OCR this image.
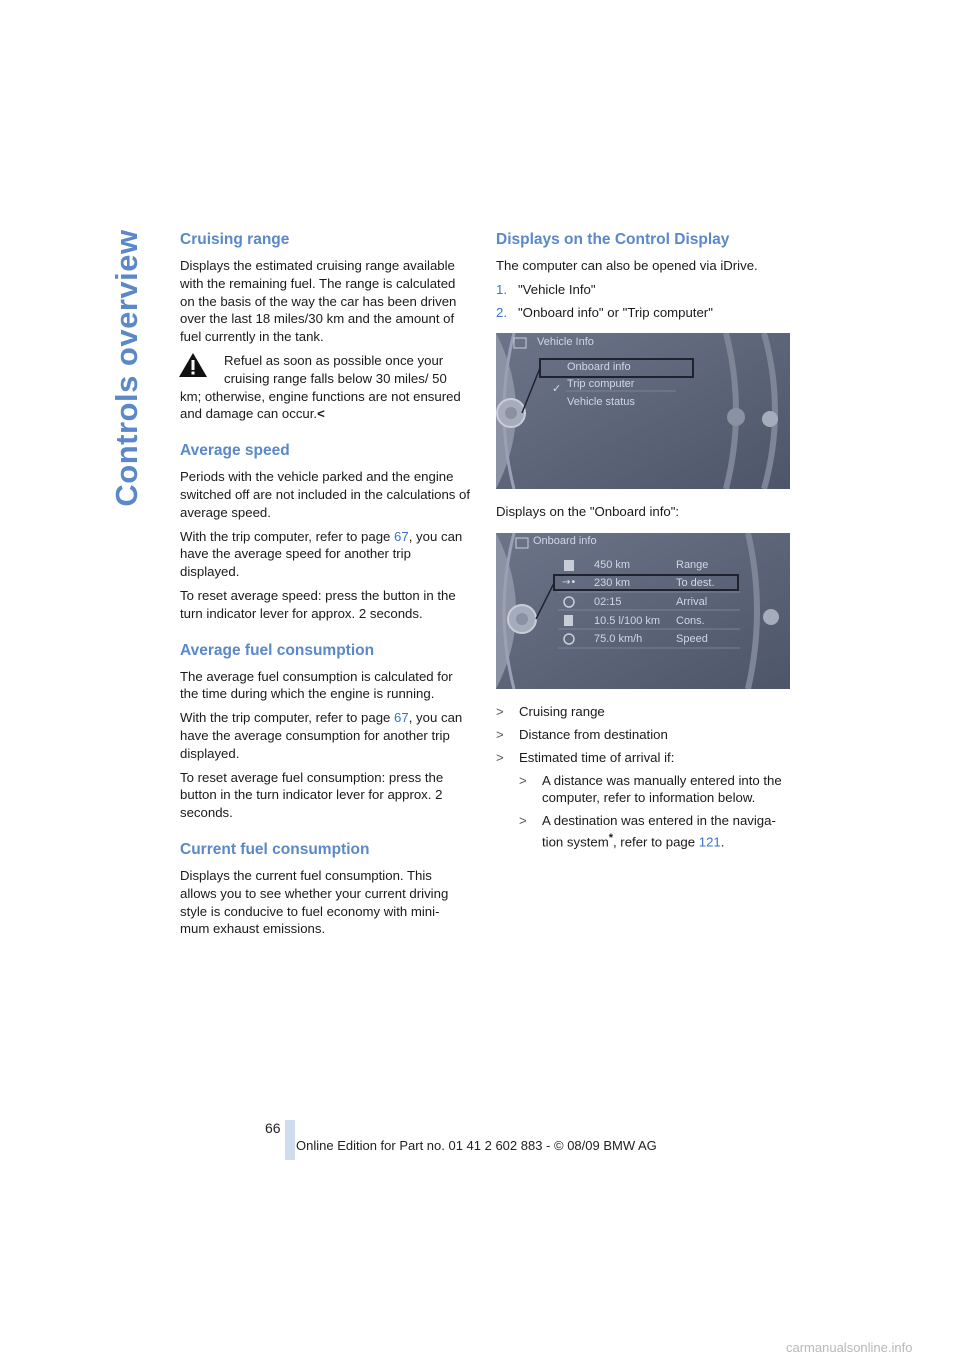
Controls overview Cruising range

Displays the estimated cruising range available with the remaining fuel. The range is calculated on the basis of the way the car has been driven over the last 18 miles/30 km and the amount of fuel currently in the tank.

Refuel as soon as possible once your cruising range falls below 30 miles/ 50 km; otherwise, engine functions are not ensured and damage can occur.<

Average speed

Periods with the vehicle parked and the engine switched off are not included in the calculations of average speed.

With the trip computer, refer to page 67, you can have the average speed for another trip displayed.

To reset average speed: press the button in the turn indicator lever for approx. 2 seconds.

Average fuel consumption

The average fuel consumption is calculated for the time during which the engine is running.

With the trip computer, refer to page 67, you can have the average consumption for another trip displayed.

To reset average fuel consumption: press the button in the turn indicator lever for approx. 2 seconds.

Current fuel consumption

Displays the current fuel consumption. This allows you to see whether your current driving style is conducive to fuel economy with mini- mum exhaust emissions.

Displays on the Control Display

The computer can also be opened via iDrive.

1. "Vehicle Info"
2. "Onboard info" or "Trip computer"
✓
Vehicle Info
Onboard info
Trip computer
Vehicle status

Displays on the "Onboard info":

→•
Onboard info
450 km	Range
230 km	To dest.
02:15	Arrival
10.5 l/100 km Cons.
75.0 km/h	Speed
>	Cruising range
>	Distance from destination
>	Estimated time of arrival if:
>	A distance was manually entered into the computer, refer to information below.
>	A destination was entered in the naviga- tion system*, refer to page 121.
66
Online Edition for Part no. 01 41 2 602 883 - © 08/09 BMW AG
carmanualsonline.info
